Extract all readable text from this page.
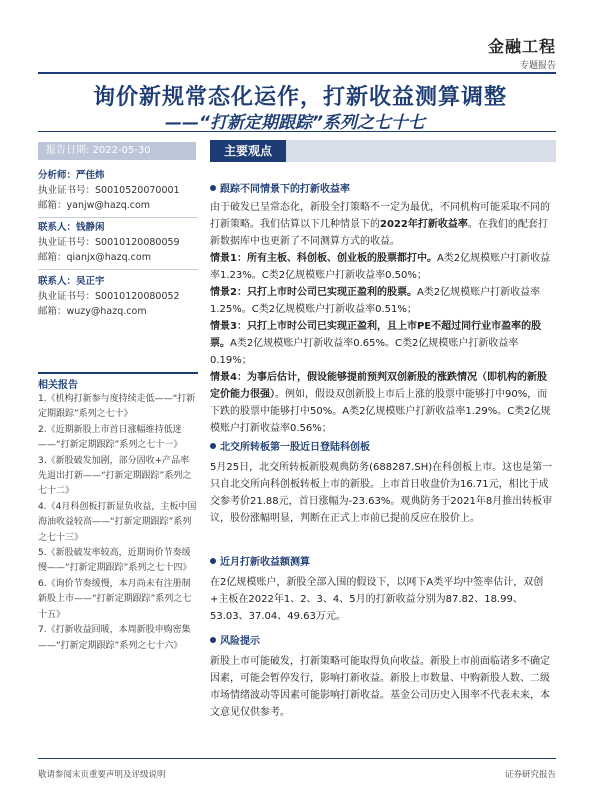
金融工程
专题报告
询价新规常态化运作，打新收益测算调整
——“打新定期跟踪”系列之七十七
报告日期: 2022-05-30	主要观点
分析师：严佳炜
执业证书号：S0010520070001
邮箱：yanjw@hazq.com
联系人：钱静闲
执业证书号：S0010120080059
邮箱：qianjx@hazq.com
联系人：吴正宇
执业证书号：S0010120080052
邮箱：wuzy@hazq.com
相关报告
1.《机构打新参与度持续走低——“打新定期跟踪”系列之七十》
2.《近期新股上市首日涨幅维持低迷——“打新定期跟踪”系列之七十一》
3.《新股破发加剧，部分固收+产品率先退出打新——“打新定期跟踪”系列之七十二》
4.《4月科创板打新显负收益，主板中国海油收益较高——“打新定期跟踪”系列之七十三》
5.《新股破发率较高，近期询价节奏缓慢——“打新定期跟踪”系列之七十四》
6.《询价节奏缓慢，本月尚未有注册制新股上市——“打新定期跟踪”系列之七十五》
7.《打新收益回暖，本周新股申购密集——“打新定期跟踪”系列之七十六》
跟踪不同情景下的打新收益率
由于破发已呈常态化，新股全打策略不一定为最优，不同机构可能采取不同的打新策略。我们估算以下几种情景下的2022年打新收益率。在我们的配套打新数据库中也更新了不同测算方式的收益。
情景1：所有主板、科创板、创业板的股票都打中。A类2亿规模账户打新收益率1.23%。C类2亿规模账户打新收益率0.50%；
情景2：只打上市时公司已实现正盈利的股票。A类2亿规模账户打新收益率1.25%。C类2亿规模账户打新收益率0.51%；
情景3：只打上市时公司已实现正盈利，且上市PE不超过同行业市盈率的股票。A类2亿规模账户打新收益率0.65%。C类2亿规模账户打新收益率0.19%；
情景4：为事后估计，假设能够提前预判双创新股的涨跌情况（即机构的新股定价能力很强）。例如，假设双创新股上市后上涨的股票中能够打中90%，而下跌的股票中能够打中50%。A类2亿规模账户打新收益率1.29%。C类2亿规模账户打新收益率0.56%；
北交所转板第一股近日登陆科创板
5月25日，北交所转板新股观典防务(688287.SH)在科创板上市。这也是第一只自北交所向科创板转板上市的新股。上市首日收盘价为16.71元，相比于成交参考价21.88元，首日涨幅为-23.63%。观典防务于2021年8月推出转板审议，股份涨幅明显，判断在正式上市前已提前反应在股价上。
近月打新收益额测算
在2亿规模账户，新股全部入围的假设下，以网下A类平均中签率估计，双创+主板在2022年1、2、3、4、5月的打新收益分别为87.82、18.99、53.03、37.04、49.63万元。
风险提示
新股上市可能破发，打新策略可能取得负向收益。新股上市前面临诸多不确定因素，可能会暂停发行，影响打新收益。新股上市数量、中购新股人数、二级市场情绪波动等因素可能影响打新收益。基金公司历史入围率不代表未来，本文意见仅供参考。
敬请参阅末页重要声明及评级说明	证券研究报告
